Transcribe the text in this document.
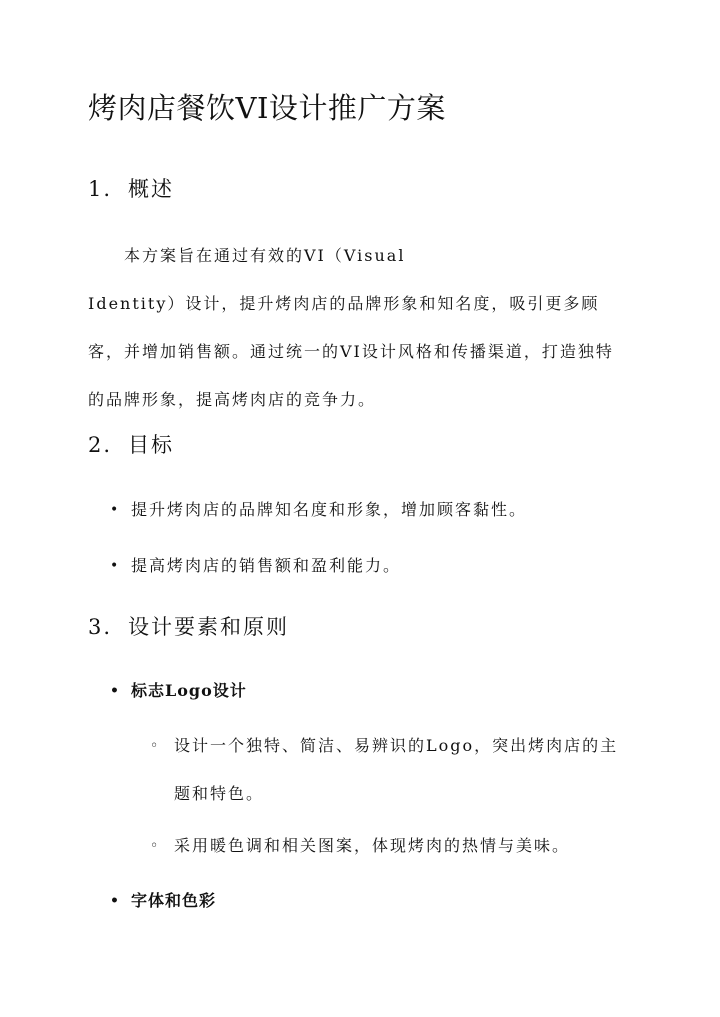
烤肉店餐饮VI设计推广方案
1. 概述
本方案旨在通过有效的VI（Visual
Identity）设计，提升烤肉店的品牌形象和知名度，吸引更多顾
客，并增加销售额。通过统一的VI设计风格和传播渠道，打造独特
的品牌形象，提高烤肉店的竞争力。
2. 目标
• 提升烤肉店的品牌知名度和形象，增加顾客黏性。
• 提高烤肉店的销售额和盈利能力。
3. 设计要素和原则
• 标志Logo设计
◦ 设计一个独特、简洁、易辨识的Logo，突出烤肉店的主
题和特色。
◦ 采用暖色调和相关图案，体现烤肉的热情与美味。
• 字体和色彩
